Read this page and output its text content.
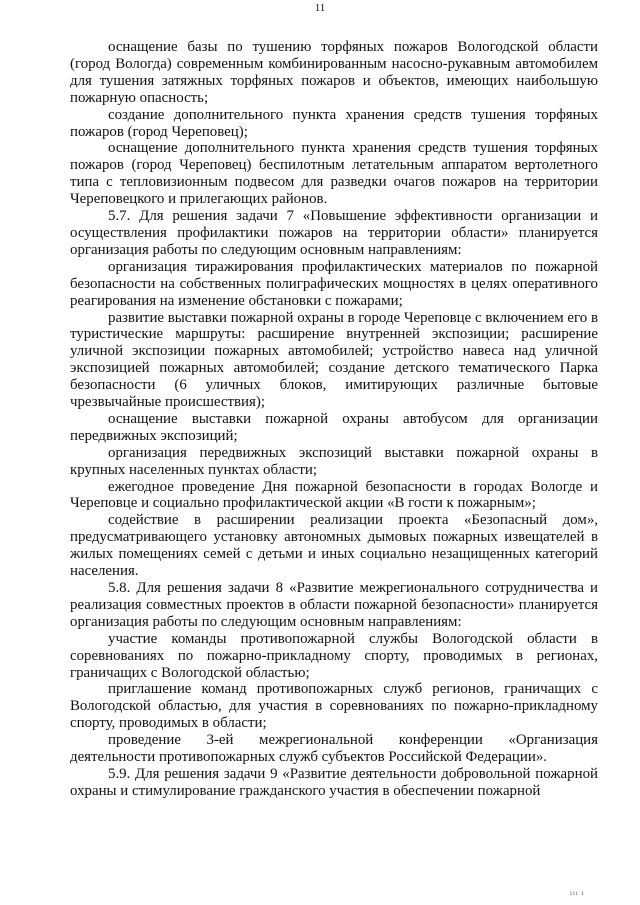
11

оснащение базы по тушению торфяных пожаров Вологодской области (город Вологда) современным комбинированным насосно-рукавным автомобилем для тушения затяжных торфяных пожаров и объектов, имеющих наибольшую пожарную опасность;

создание дополнительного пункта хранения средств тушения торфяных пожаров (город Череповец);

оснащение дополнительного пункта хранения средств тушения торфяных пожаров (город Череповец) беспилотным летательным аппаратом вертолетного типа с тепловизионным подвесом для разведки очагов пожаров на территории Череповецкого и прилегающих районов.

5.7. Для решения задачи 7 «Повышение эффективности организации и осуществления профилактики пожаров на территории области» планируется организация работы по следующим основным направлениям:

организация тиражирования профилактических материалов по пожарной безопасности на собственных полиграфических мощностях в целях оперативного реагирования на изменение обстановки с пожарами;

развитие выставки пожарной охраны в городе Череповце с включением его в туристические маршруты: расширение внутренней экспозиции; расширение уличной экспозиции пожарных автомобилей; устройство навеса над уличной экспозицией пожарных автомобилей; создание детского тематического Парка безопасности (6 уличных блоков, имитирующих различные бытовые чрезвычайные происшествия);

оснащение выставки пожарной охраны автобусом для организации передвижных экспозиций;

организация передвижных экспозиций выставки пожарной охраны в крупных населенных пунктах области;

ежегодное проведение Дня пожарной безопасности в городах Вологде и Череповце и социально профилактической акции «В гости к пожарным»;

содействие в расширении реализации проекта «Безопасный дом», предусматривающего установку автономных дымовых пожарных извещателей в жилых помещениях семей с детьми и иных социально незащищенных категорий населения.

5.8. Для решения задачи 8 «Развитие межрегионального сотрудничества и реализация совместных проектов в области пожарной безопасности» планируется организация работы по следующим основным направлениям:

участие команды противопожарной службы Вологодской области в соревнованиях по пожарно-прикладному спорту, проводимых в регионах, граничащих с Вологодской областью;

приглашение команд противопожарных служб регионов, граничащих с Вологодской областью, для участия в соревнованиях по пожарно-прикладному спорту, проводимых в области;

проведение 3-ей межрегиональной конференции «Организация деятельности противопожарных служб субъектов Российской Федерации».

5.9. Для решения задачи 9 «Развитие деятельности добровольной пожарной охраны и стимулирование гражданского участия в обеспечении пожарной

ııı ı
